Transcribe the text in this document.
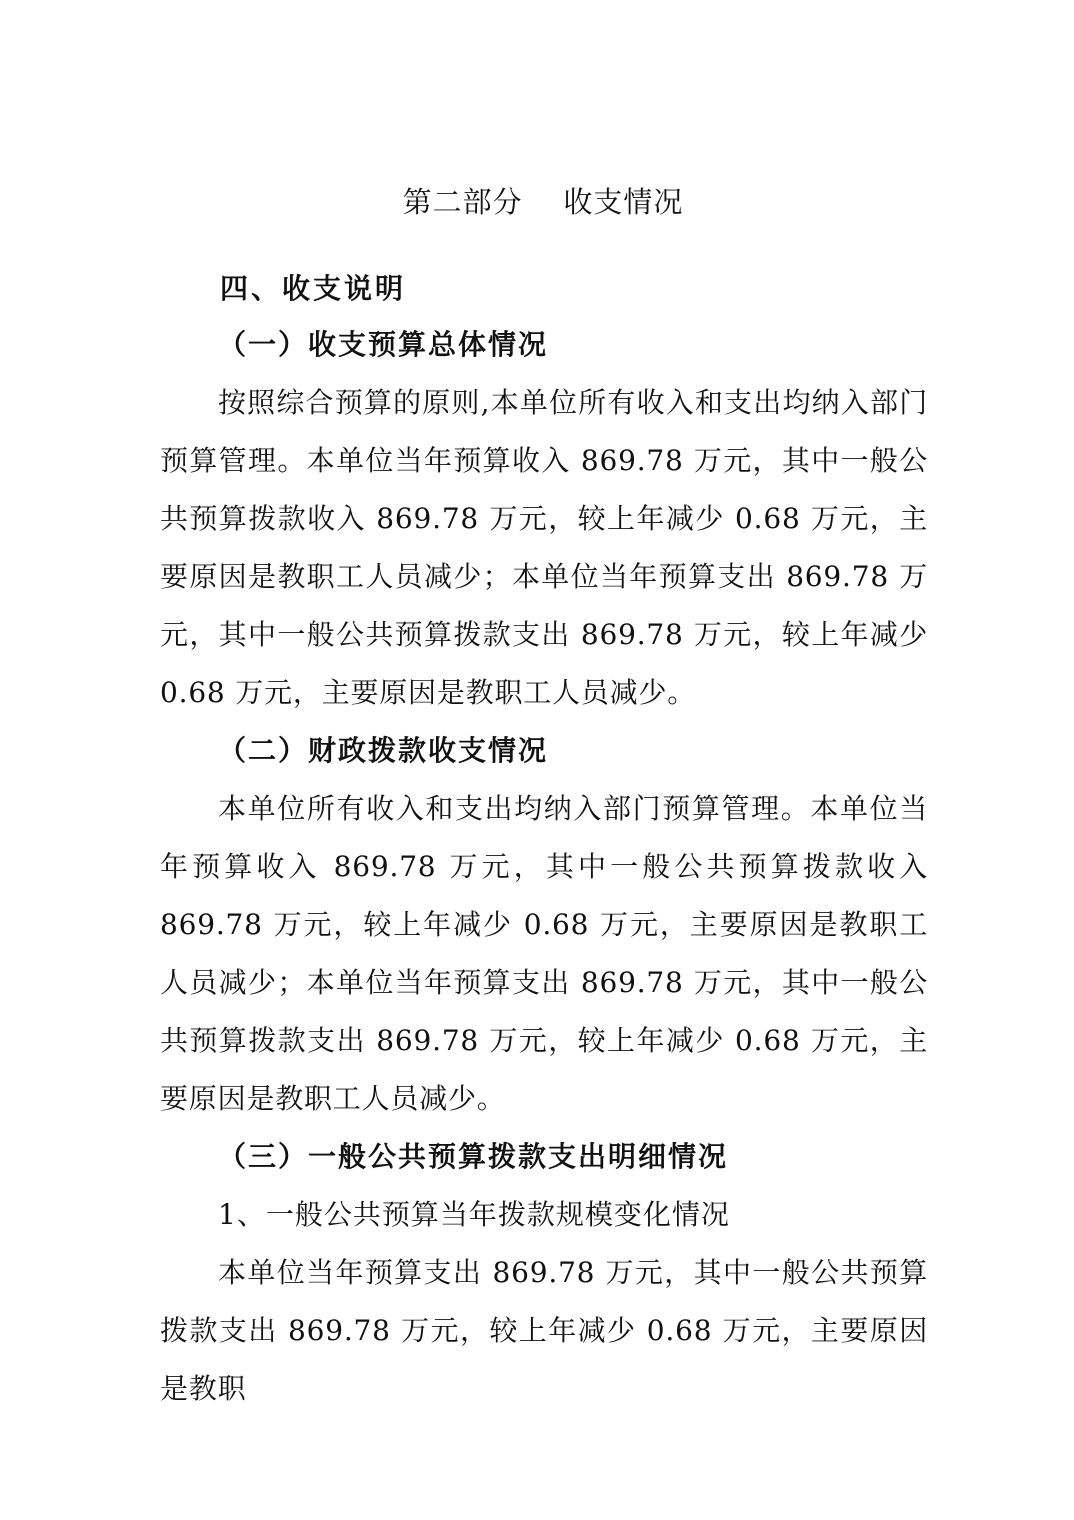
第二部分    收支情况
四、收支说明
（一）收支预算总体情况

按照综合预算的原则,本单位所有收入和支出均纳入部门预算管理。本单位当年预算收入 869.78 万元，其中一般公共预算拨款收入 869.78 万元，较上年减少 0.68 万元，主要原因是教职工人员减少；本单位当年预算支出 869.78 万元，其中一般公共预算拨款支出 869.78 万元，较上年减少 0.68 万元，主要原因是教职工人员减少。

（二）财政拨款收支情况

本单位所有收入和支出均纳入部门预算管理。本单位当年预算收入 869.78 万元，其中一般公共预算拨款收入 869.78 万元，较上年减少 0.68 万元，主要原因是教职工人员减少；本单位当年预算支出 869.78 万元，其中一般公共预算拨款支出 869.78 万元，较上年减少 0.68 万元，主要原因是教职工人员减少。

（三）一般公共预算拨款支出明细情况
1、一般公共预算当年拨款规模变化情况

本单位当年预算支出 869.78 万元，其中一般公共预算拨款支出 869.78 万元，较上年减少 0.68 万元，主要原因是教职
